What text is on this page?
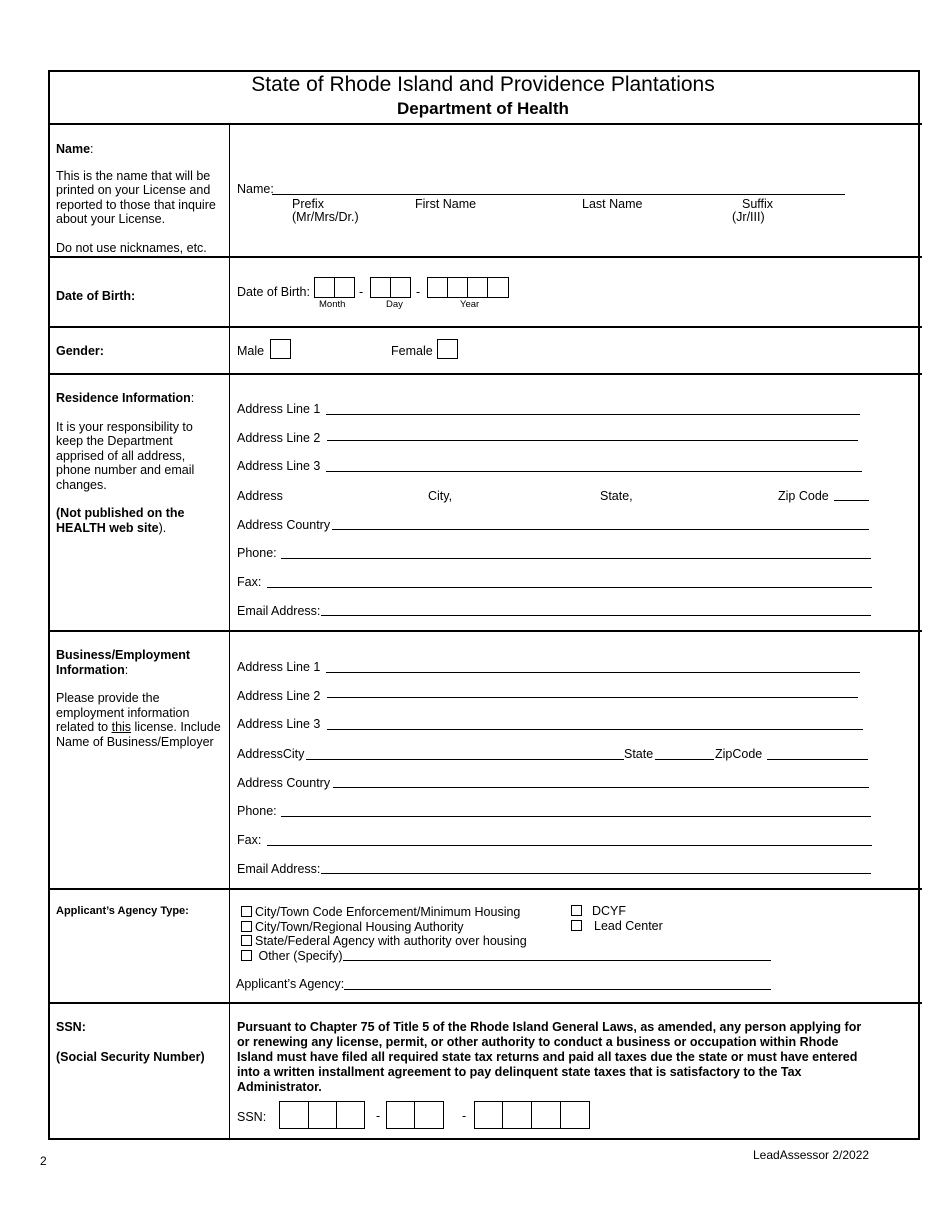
State of Rhode Island and Providence Plantations
Department of Health
Name:
This is the name that will be printed on your License and reported to those that inquire about your License.
Do not use nicknames, etc.
Name:
Prefix
(Mr/Mrs/Dr.)
First Name	Last Name	Suffix
(Jr/III)
Date of Birth:	Date of Birth:	-	-
Month	Day	Year
Gender:	Male	Female
Residence Information:
It is your responsibility to keep the Department apprised of all address, phone number and email changes.
(Not published on the HEALTH web site).
Address Line 1
Address Line 2
Address Line 3
Address	City,	State,	Zip Code
Address Country
Phone:
Fax:
Email Address:
Business/Employment Information:
Please provide the employment information related to this license. Include Name of Business/Employer
Address Line 1
Address Line 2
Address Line 3
AddressCity	State	ZipCode
Address Country
Phone:
Fax:
Email Address:
Applicant’s Agency Type:	City/Town Code Enforcement/Minimum Housing
City/Town/Regional Housing Authority
State/Federal Agency with authority over housing
Other (Specify)
DCYF
Lead Center
Applicant’s Agency:
SSN:
(Social Security Number)
Pursuant to Chapter 75 of Title 5 of the Rhode Island General Laws, as amended, any person applying for or renewing any license, permit, or other authority to conduct a business or occupation within Rhode Island must have filed all required state tax returns and paid all taxes due the state or must have entered into a written installment agreement to pay delinquent state taxes that is satisfactory to the Tax Administrator.
SSN:	-	-
2	LeadAssessor 2/2022
